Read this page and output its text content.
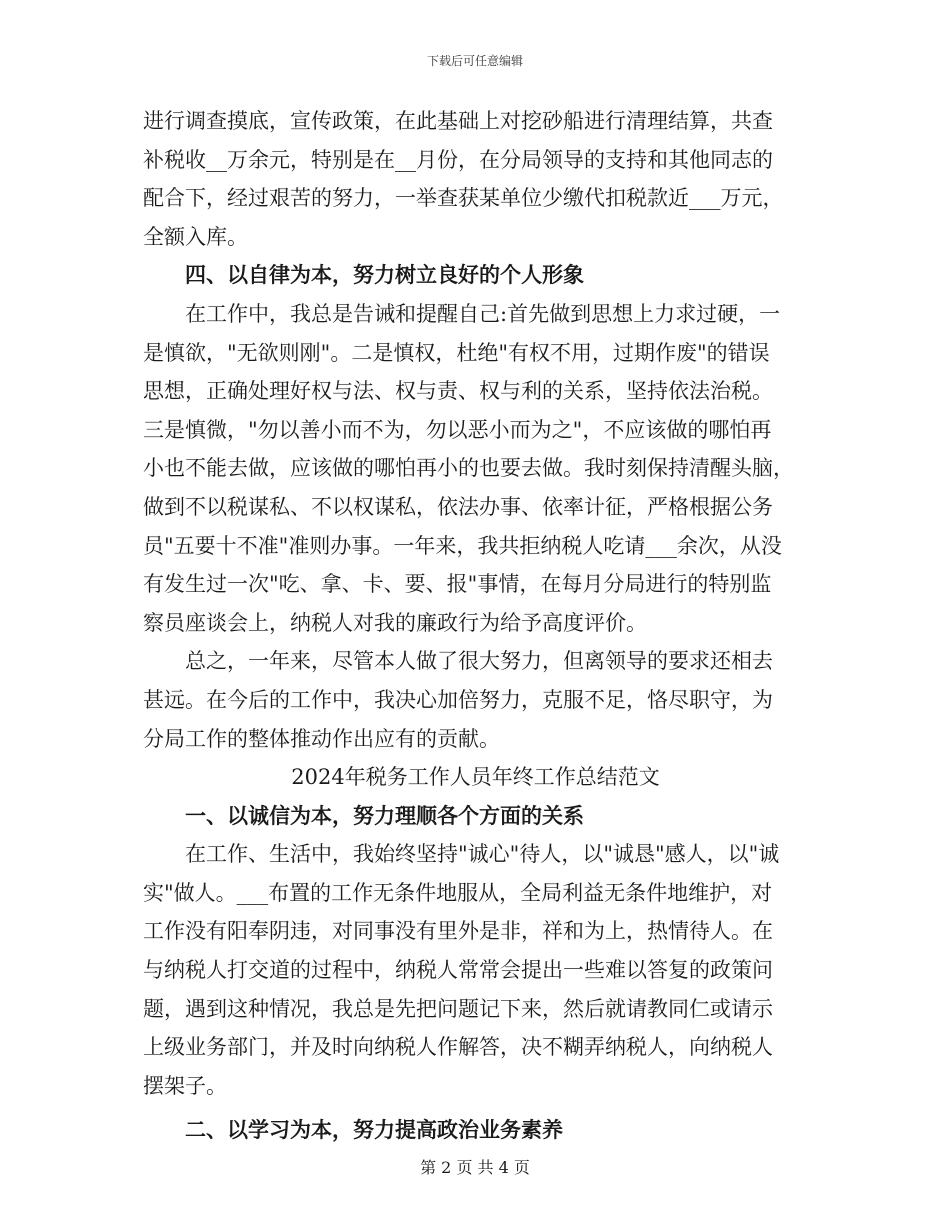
下载后可任意编辑
进行调查摸底，宣传政策，在此基础上对挖砂船进行清理结算，共查
补税收__万余元，特别是在__月份，在分局领导的支持和其他同志的
配合下，经过艰苦的努力，一举查获某单位少缴代扣税款近___万元，
全额入库。
四、以自律为本，努力树立良好的个人形象
在工作中，我总是告诫和提醒自己:首先做到思想上力求过硬，一
是慎欲，"无欲则刚"。二是慎权，杜绝"有权不用，过期作废"的错误
思想，正确处理好权与法、权与责、权与利的关系，坚持依法治税。
三是慎微，"勿以善小而不为，勿以恶小而为之"，不应该做的哪怕再
小也不能去做，应该做的哪怕再小的也要去做。我时刻保持清醒头脑，
做到不以税谋私、不以权谋私，依法办事、依率计征，严格根据公务
员"五要十不准"准则办事。一年来，我共拒纳税人吃请___余次，从没
有发生过一次"吃、拿、卡、要、报"事情，在每月分局进行的特别监
察员座谈会上，纳税人对我的廉政行为给予高度评价。
总之，一年来，尽管本人做了很大努力，但离领导的要求还相去
甚远。在今后的工作中，我决心加倍努力，克服不足，恪尽职守，为
分局工作的整体推动作出应有的贡献。
2024年税务工作人员年终工作总结范文
一、以诚信为本，努力理顺各个方面的关系
在工作、生活中，我始终坚持"诚心"待人，以"诚恳"感人，以"诚
实"做人。___布置的工作无条件地服从，全局利益无条件地维护，对
工作没有阳奉阴违，对同事没有里外是非，祥和为上，热情待人。在
与纳税人打交道的过程中，纳税人常常会提出一些难以答复的政策问
题，遇到这种情况，我总是先把问题记下来，然后就请教同仁或请示
上级业务部门，并及时向纳税人作解答，决不糊弄纳税人，向纳税人
摆架子。
二、以学习为本，努力提高政治业务素养
第 2 页 共 4 页
